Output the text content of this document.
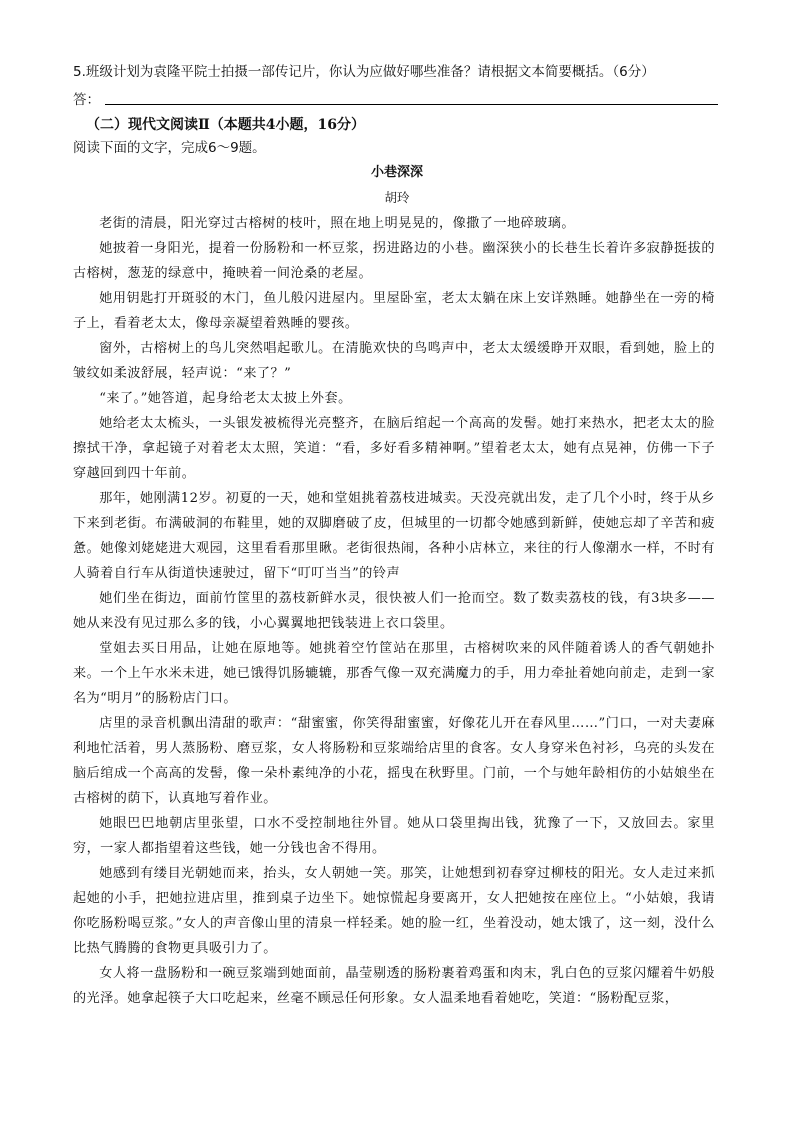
5.班级计划为袁隆平院士拍摄一部传记片，你认为应做好哪些准备？请根据文本简要概括。（6分）
答：
（二）现代文阅读Ⅱ（本题共4小题，16分）
阅读下面的文字，完成6～9题。
小巷深深
胡玲

老街的清晨，阳光穿过古榕树的枝叶，照在地上明晃晃的，像撒了一地碎玻璃。

她披着一身阳光，提着一份肠粉和一杯豆浆，拐进路边的小巷。幽深狭小的长巷生长着许多寂静挺拔的古榕树，葱茏的绿意中，掩映着一间沧桑的老屋。

她用钥匙打开斑驳的木门，鱼儿般闪进屋内。里屋卧室，老太太躺在床上安详熟睡。她静坐在一旁的椅子上，看着老太太，像母亲凝望着熟睡的婴孩。

窗外，古榕树上的鸟儿突然唱起歌儿。在清脆欢快的鸟鸣声中，老太太缓缓睁开双眼，看到她，脸上的皱纹如柔波舒展，轻声说：“来了？”

“来了。”她答道，起身给老太太披上外套。

她给老太太梳头，一头银发被梳得光亮整齐，在脑后绾起一个高高的发髻。她打来热水，把老太太的脸擦拭干净，拿起镜子对着老太太照，笑道：“看，多好看多精神啊。”望着老太太，她有点晃神，仿佛一下子穿越回到四十年前。

那年，她刚满12岁。初夏的一天，她和堂姐挑着荔枝进城卖。天没亮就出发，走了几个小时，终于从乡下来到老街。布满破洞的布鞋里，她的双脚磨破了皮，但城里的一切都令她感到新鲜，使她忘却了辛苦和疲惫。她像刘姥姥进大观园，这里看看那里瞅。老街很热闹，各种小店林立，来往的行人像潮水一样，不时有人骑着自行车从街道快速驶过，留下“叮叮当当”的铃声

她们坐在街边，面前竹筐里的荔枝新鲜水灵，很快被人们一抢而空。数了数卖荔枝的钱，有3块多——她从来没有见过那么多的钱，小心翼翼地把钱装进上衣口袋里。

堂姐去买日用品，让她在原地等。她挑着空竹筐站在那里，古榕树吹来的风伴随着诱人的香气朝她扑来。一个上午水米未进，她已饿得饥肠辘辘，那香气像一双充满魔力的手，用力牵扯着她向前走，走到一家名为“明月”的肠粉店门口。

店里的录音机飘出清甜的歌声：“甜蜜蜜，你笑得甜蜜蜜，好像花儿开在春风里……”门口，一对夫妻麻利地忙活着，男人蒸肠粉、磨豆浆，女人将肠粉和豆浆端给店里的食客。女人身穿米色衬衫，乌亮的头发在脑后绾成一个高高的发髻，像一朵朴素纯净的小花，摇曳在秋野里。门前，一个与她年龄相仿的小姑娘坐在古榕树的荫下，认真地写着作业。

她眼巴巴地朝店里张望，口水不受控制地往外冒。她从口袋里掏出钱，犹豫了一下，又放回去。家里穷，一家人都指望着这些钱，她一分钱也舍不得用。

她感到有缕目光朝她而来，抬头，女人朝她一笑。那笑，让她想到初春穿过柳枝的阳光。女人走过来抓起她的小手，把她拉进店里，推到桌子边坐下。她惊慌起身要离开，女人把她按在座位上。“小姑娘，我请你吃肠粉喝豆浆。”女人的声音像山里的清泉一样轻柔。她的脸一红，坐着没动，她太饿了，这一刻，没什么比热气腾腾的食物更具吸引力了。

女人将一盘肠粉和一碗豆浆端到她面前，晶莹剔透的肠粉裹着鸡蛋和肉末，乳白色的豆浆闪耀着牛奶般的光泽。她拿起筷子大口吃起来，丝毫不顾忌任何形象。女人温柔地看着她吃，笑道：“肠粉配豆浆，
